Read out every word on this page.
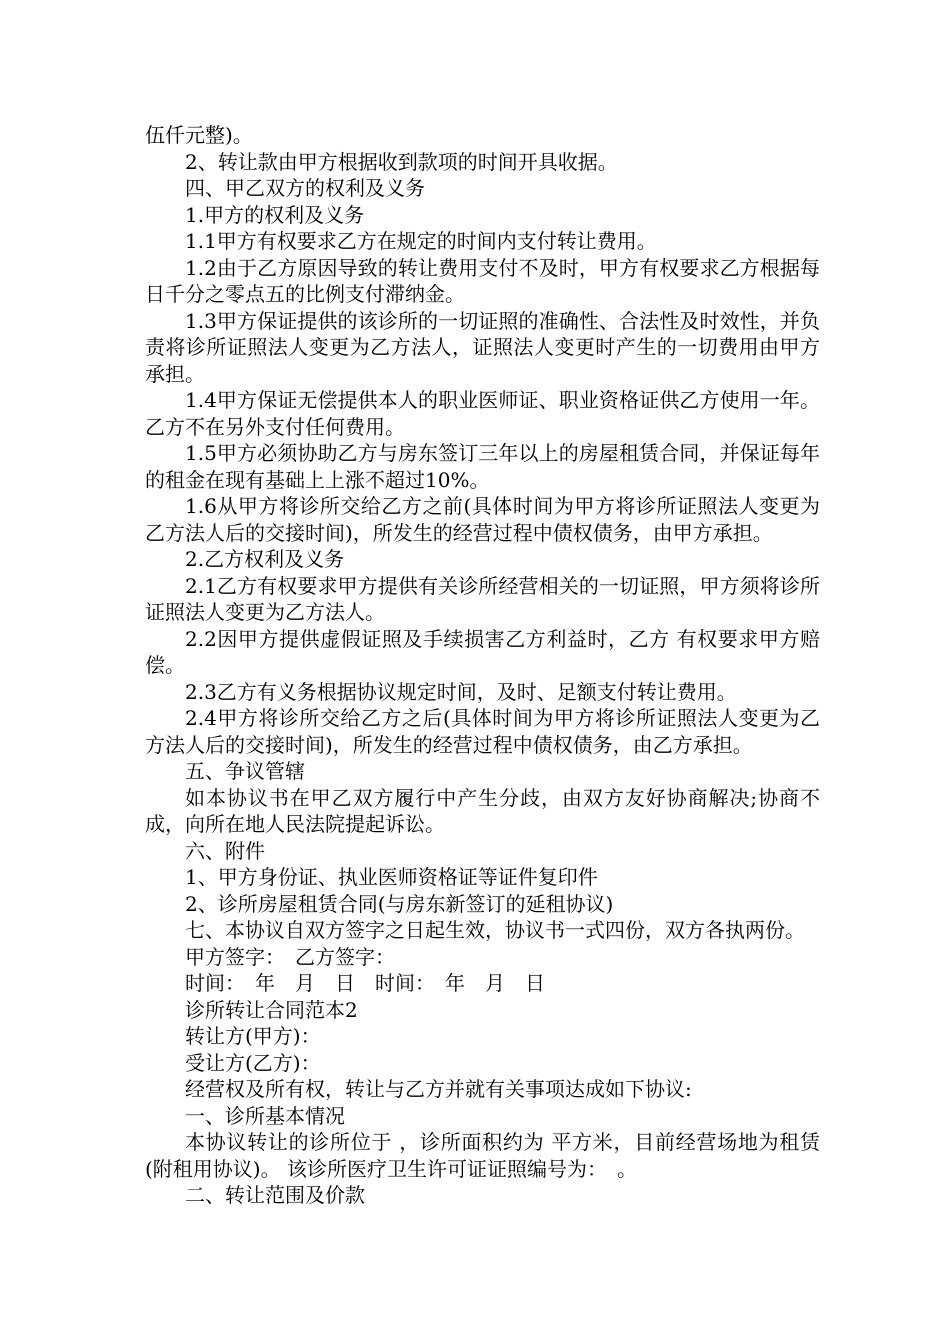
伍仟元整)。

2、转让款由甲方根据收到款项的时间开具收据。

四、甲乙双方的权利及义务

1.甲方的权利及义务

1.1甲方有权要求乙方在规定的时间内支付转让费用。

1.2由于乙方原因导致的转让费用支付不及时，甲方有权要求乙方根据每日千分之零点五的比例支付滞纳金。

1.3甲方保证提供的该诊所的一切证照的准确性、合法性及时效性，并负责将诊所证照法人变更为乙方法人，证照法人变更时产生的一切费用由甲方承担。

1.4甲方保证无偿提供本人的职业医师证、职业资格证供乙方使用一年。乙方不在另外支付任何费用。

1.5甲方必须协助乙方与房东签订三年以上的房屋租赁合同，并保证每年的租金在现有基础上上涨不超过10%。

1.6从甲方将诊所交给乙方之前(具体时间为甲方将诊所证照法人变更为乙方法人后的交接时间)，所发生的经营过程中债权债务，由甲方承担。

2.乙方权利及义务

2.1乙方有权要求甲方提供有关诊所经营相关的一切证照，甲方须将诊所证照法人变更为乙方法人。

2.2因甲方提供虚假证照及手续损害乙方利益时，乙方 有权要求甲方赔偿。

2.3乙方有义务根据协议规定时间，及时、足额支付转让费用。

2.4甲方将诊所交给乙方之后(具体时间为甲方将诊所证照法人变更为乙方法人后的交接时间)，所发生的经营过程中债权债务，由乙方承担。

五、争议管辖

如本协议书在甲乙双方履行中产生分歧，由双方友好协商解决;协商不成，向所在地人民法院提起诉讼。

六、附件

1、甲方身份证、执业医师资格证等证件复印件

2、诊所房屋租赁合同(与房东新签订的延租协议)

七、本协议自双方签字之日起生效，协议书一式四份，双方各执两份。

甲方签字：　乙方签字：

时间：　年　月　日　时间：　年　月　日

诊所转让合同范本2

转让方(甲方)：

受让方(乙方)：

经营权及所有权，转让与乙方并就有关事项达成如下协议:

一、诊所基本情况

本协议转让的诊所位于 ，诊所面积约为 平方米，目前经营场地为租赁(附租用协议)。 该诊所医疗卫生许可证证照编号为：　。

二、转让范围及价款
